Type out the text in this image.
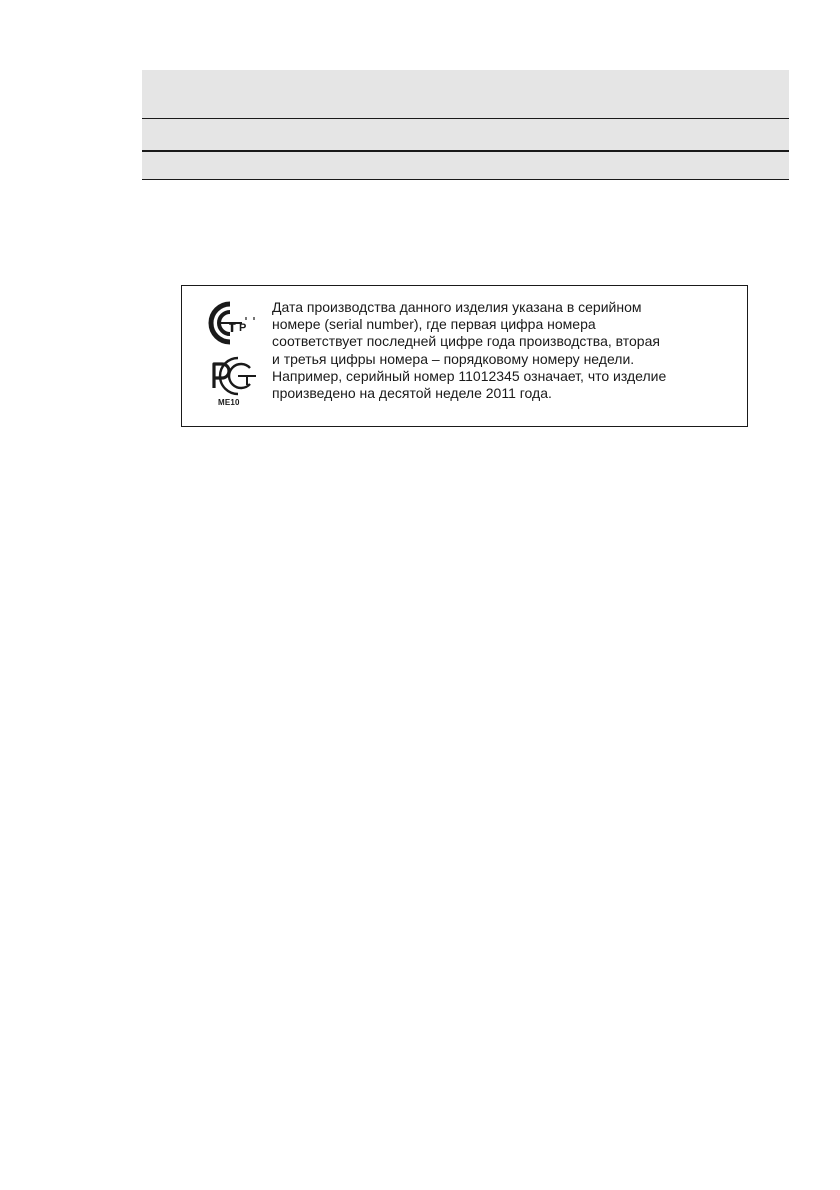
Т Р
МЕ10

Дата производства данного изделия указана в серийном
номере (serial number), где первая цифра номера
соответствует последней цифре года производства, вторая
и третья цифры номера – порядковому номеру недели.
Например, серийный номер 11012345 означает, что изделие
произведено на десятой неделе 2011 года.
